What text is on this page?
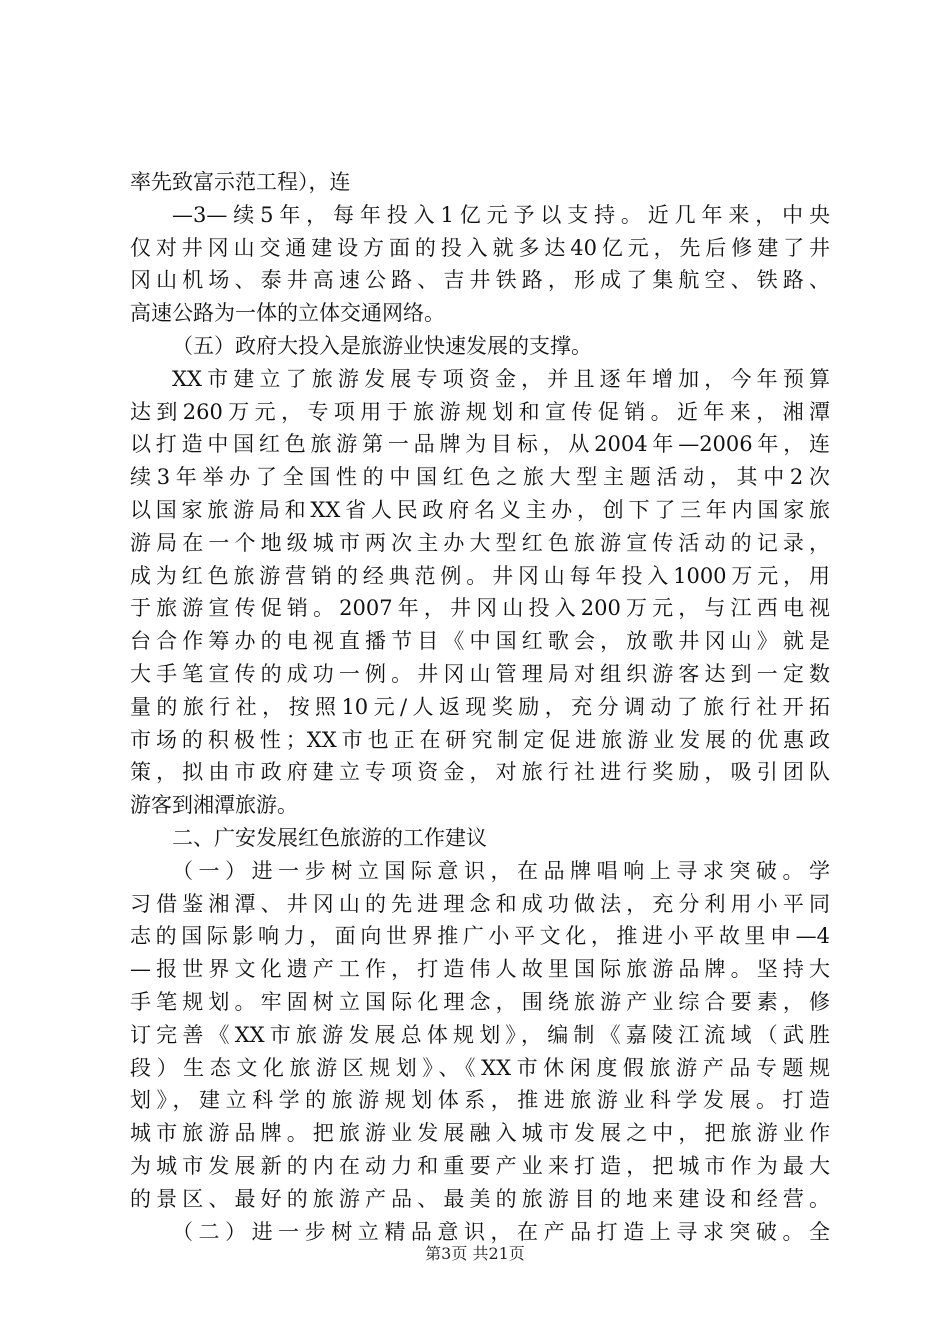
率先致富示范工程），连
—3—续5年，每年投入1亿元予以支持。近几年来，中央
仅对井冈山交通建设方面的投入就多达40亿元，先后修建了井
冈山机场、泰井高速公路、吉井铁路，形成了集航空、铁路、
高速公路为一体的立体交通网络。
（五）政府大投入是旅游业快速发展的支撑。
XX市建立了旅游发展专项资金，并且逐年增加，今年预算
达到260万元，专项用于旅游规划和宣传促销。近年来，湘潭
以打造中国红色旅游第一品牌为目标，从2004年—2006年，连
续3年举办了全国性的中国红色之旅大型主题活动，其中2次
以国家旅游局和XX省人民政府名义主办，创下了三年内国家旅
游局在一个地级城市两次主办大型红色旅游宣传活动的记录，
成为红色旅游营销的经典范例。井冈山每年投入1000万元，用
于旅游宣传促销。2007年，井冈山投入200万元，与江西电视
台合作筹办的电视直播节目《中国红歌会，放歌井冈山》就是
大手笔宣传的成功一例。井冈山管理局对组织游客达到一定数
量的旅行社，按照10元/人返现奖励，充分调动了旅行社开拓
市场的积极性；XX市也正在研究制定促进旅游业发展的优惠政
策，拟由市政府建立专项资金，对旅行社进行奖励，吸引团队
游客到湘潭旅游。
二、广安发展红色旅游的工作建议
（一）进一步树立国际意识，在品牌唱响上寻求突破。学
习借鉴湘潭、井冈山的先进理念和成功做法，充分利用小平同
志的国际影响力，面向世界推广小平文化，推进小平故里申—4
—报世界文化遗产工作，打造伟人故里国际旅游品牌。坚持大
手笔规划。牢固树立国际化理念，围绕旅游产业综合要素，修
订完善《XX市旅游发展总体规划》，编制《嘉陵江流域（武胜
段）生态文化旅游区规划》、《XX市休闲度假旅游产品专题规
划》，建立科学的旅游规划体系，推进旅游业科学发展。打造
城市旅游品牌。把旅游业发展融入城市发展之中，把旅游业作
为城市发展新的内在动力和重要产业来打造，把城市作为最大
的景区、最好的旅游产品、最美的旅游目的地来建设和经营。
（二）进一步树立精品意识，在产品打造上寻求突破。全
第3页 共21页
